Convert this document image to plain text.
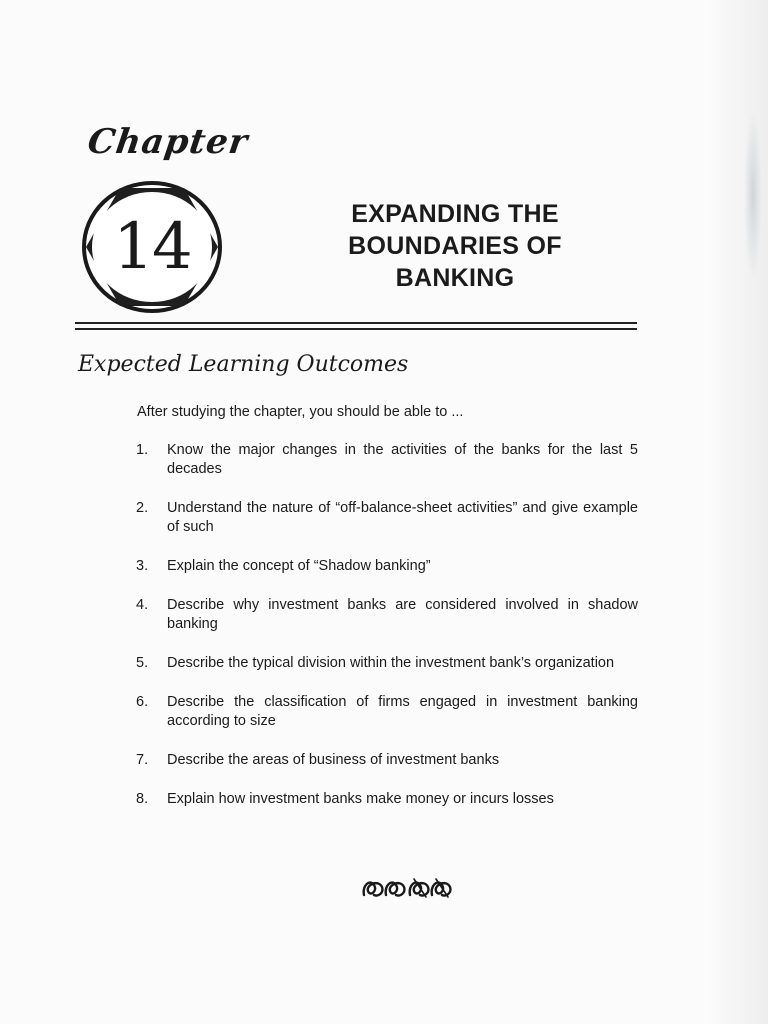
Chapter
14	EXPANDING THE
BOUNDARIES OF
BANKING
Expected Learning Outcomes
After studying the chapter, you should be able to ...
1.	Know the major changes in the activities of the banks for the last 5 decades
2.	Understand the nature of “off-balance-sheet activities” and give example of such
3.	Explain the concept of “Shadow banking”
4.	Describe why investment banks are considered involved in shadow banking
5.	Describe the typical division within the investment bank’s organization
6.	Describe the classification of firms engaged in investment banking according to size
7.	Describe the areas of business of investment banks
8.	Explain how investment banks make money or incurs losses
